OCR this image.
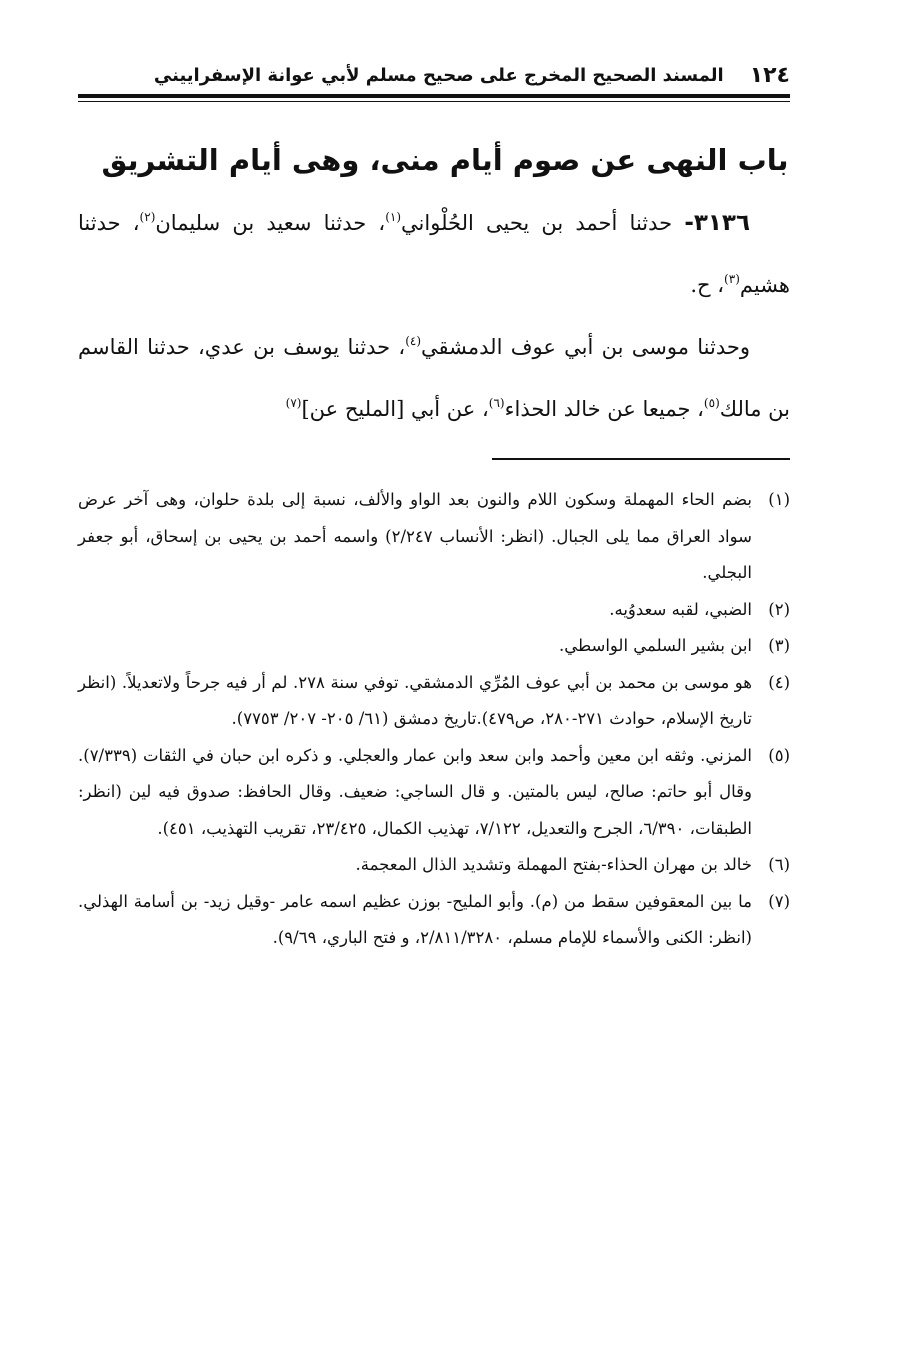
١٢٤
المسند الصحيح المخرج على صحيح مسلم لأبي عوانة الإسفراييني
باب النهى عن صوم أيام منى، وهى أيام التشريق

٣١٣٦- حدثنا أحمد بن يحيى الحُلْواني$^{(١)}$، حدثنا سعيد بن سليمان$^{(٢)}$، حدثنا هشيم$^{(٣)}$، ح.

وحدثنا موسى بن أبي عوف الدمشقي$^{(٤)}$، حدثنا يوسف بن عدي، حدثنا القاسم بن مالك$^{(٥)}$، جميعا عن خالد الحذاء$^{(٦)}$، عن أبي [المليح عن]$^{(٧)}$

(١)بضم الحاء المهملة وسكون اللام والنون بعد الواو والألف، نسبة إلى بلدة حلوان، وهى آخر عرض سواد العراق مما يلى الجبال. (انظر: الأنساب ٢/٢٤٧) واسمه أحمد بن يحيى بن إسحاق، أبو جعفر البجلي.

(٢)الضبي، لقبه سعدوُيه.

(٣)ابن بشير السلمي الواسطي.

(٤)هو موسى بن محمد بن أبي عوف المُرِّي الدمشقي. توفي سنة ٢٧٨. لم أر فيه جرحاً ولاتعديلاً. (انظر تاريخ الإسلام، حوادث ٢٧١-٢٨٠، ص٤٧٩).تاريخ دمشق (٦١/ ٢٠٥- ٢٠٧/ ٧٧٥٣).

(٥)المزني. وثقه ابن معين وأحمد وابن سعد وابن عمار والعجلي. و ذكره ابن حبان في الثقات (٧/٣٣٩). وقال أبو حاتم: صالح، ليس بالمتين. و قال الساجي: ضعيف. وقال الحافظ: صدوق فيه لين (انظر: الطبقات، ٦/٣٩٠، الجرح والتعديل، ٧/١٢٢، تهذيب الكمال، ٢٣/٤٢٥، تقريب التهذيب، ٤٥١).

(٦)خالد بن مهران الحذاء-بفتح المهملة وتشديد الذال المعجمة.

(٧)ما بين المعقوفين سقط من (م). وأبو المليح- بوزن عظيم اسمه عامر -وقيل زيد- بن أسامة الهذلي. (انظر: الكنى والأسماء للإمام مسلم، ٢/٨١١/٣٢٨٠، و فتح الباري، ٩/٦٩).
